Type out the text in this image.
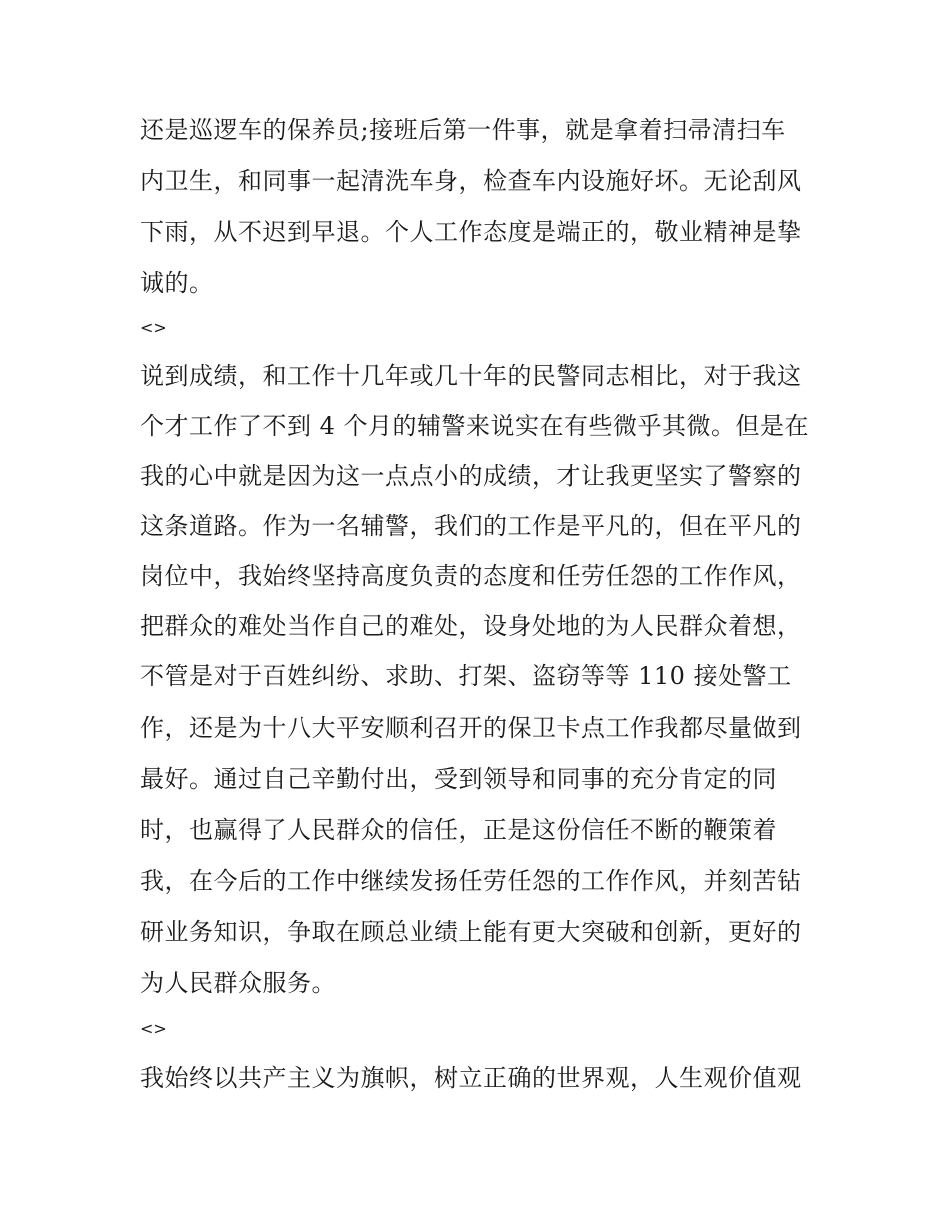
还是巡逻车的保养员;接班后第一件事，就是拿着扫帚清扫车
内卫生，和同事一起清洗车身，检查车内设施好坏。无论刮风
下雨，从不迟到早退。个人工作态度是端正的，敬业精神是挚
诚的。
<>
说到成绩，和工作十几年或几十年的民警同志相比，对于我这
个才工作了不到 4 个月的辅警来说实在有些微乎其微。但是在
我的心中就是因为这一点点小的成绩，才让我更坚实了警察的
这条道路。作为一名辅警，我们的工作是平凡的，但在平凡的
岗位中，我始终坚持高度负责的态度和任劳任怨的工作作风，
把群众的难处当作自己的难处，设身处地的为人民群众着想，
不管是对于百姓纠纷、求助、打架、盗窃等等 110 接处警工
作，还是为十八大平安顺利召开的保卫卡点工作我都尽量做到
最好。通过自己辛勤付出，受到领导和同事的充分肯定的同
时，也赢得了人民群众的信任，正是这份信任不断的鞭策着
我，在今后的工作中继续发扬任劳任怨的工作作风，并刻苦钻
研业务知识，争取在顾总业绩上能有更大突破和创新，更好的
为人民群众服务。
<>
我始终以共产主义为旗帜，树立正确的世界观，人生观价值观
